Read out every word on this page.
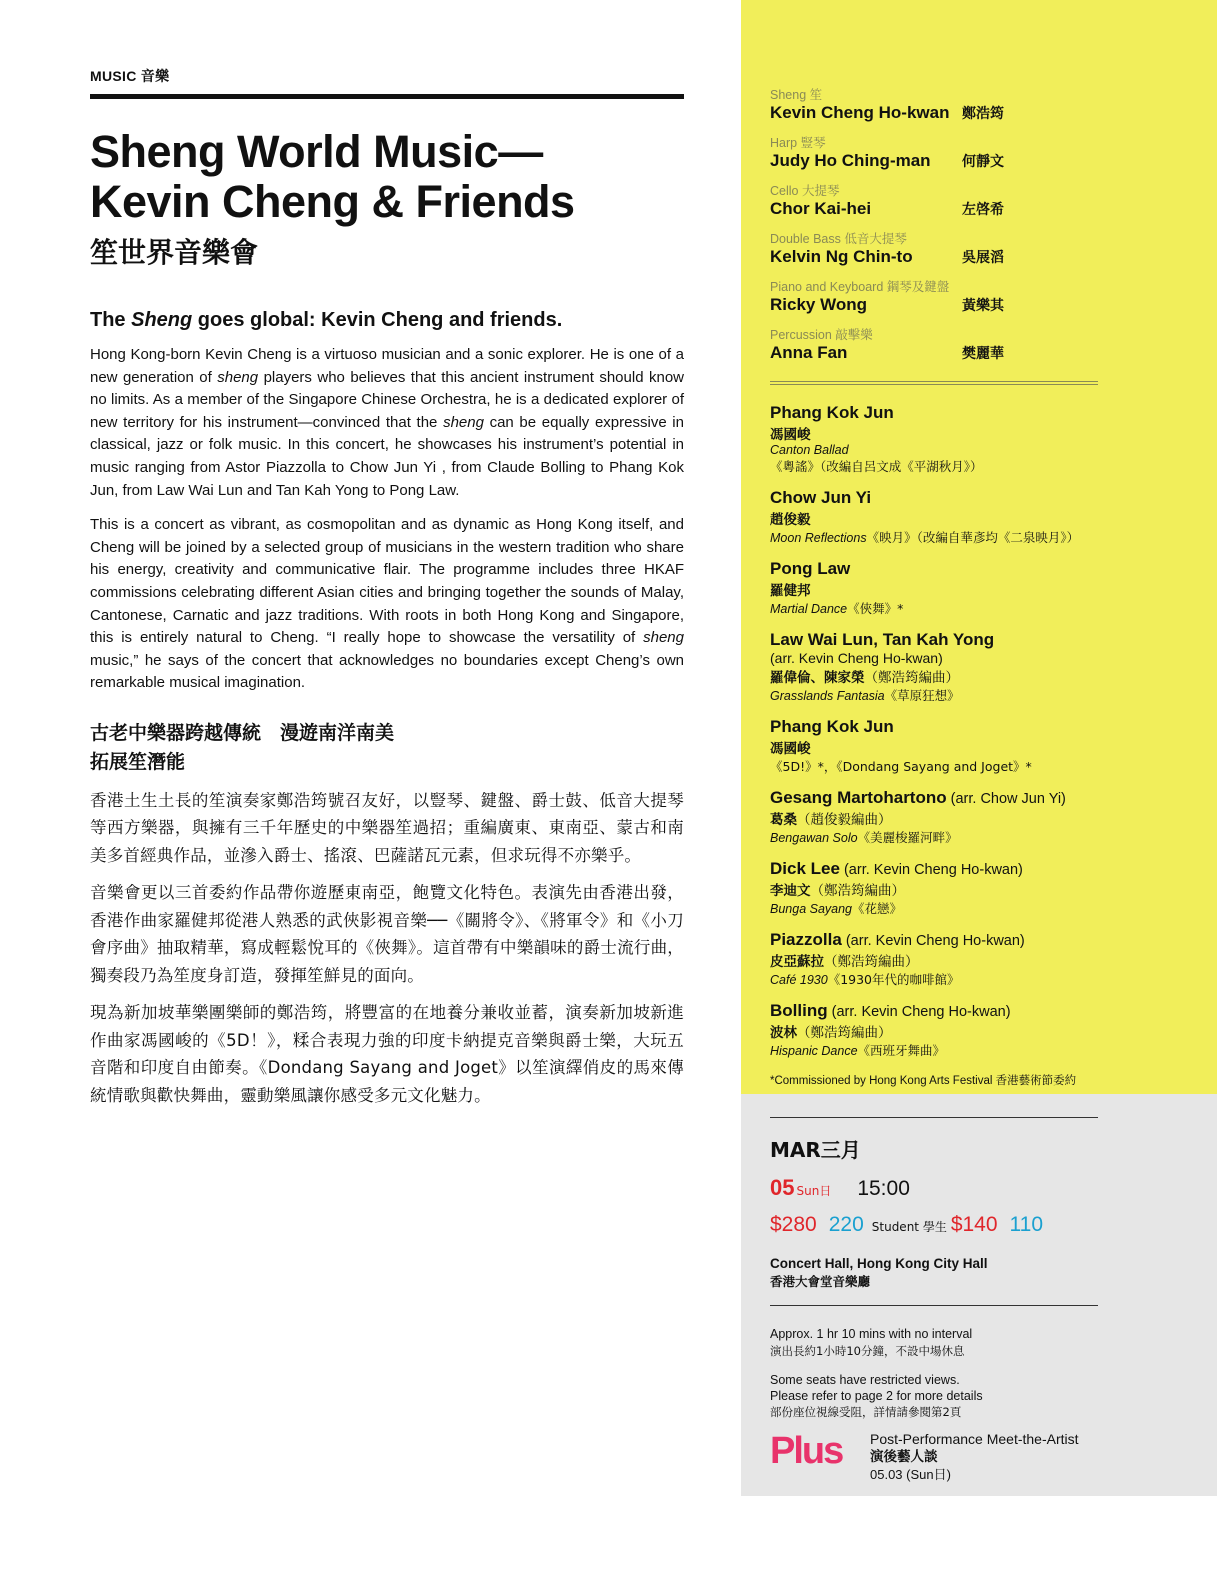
MUSIC 音樂
Sheng World Music—
Kevin Cheng & Friends
笙世界音樂會
The Sheng goes global: Kevin Cheng and friends.
Hong Kong-born Kevin Cheng is a virtuoso musician and a sonic explorer. He is one of a new generation of sheng players who believes that this ancient instrument should know no limits. As a member of the Singapore Chinese Orchestra, he is a dedicated explorer of new territory for his instrument—convinced that the sheng can be equally expressive in classical, jazz or folk music. In this concert, he showcases his instrument’s potential in music ranging from Astor Piazzolla to Chow Jun Yi , from Claude Bolling to Phang Kok Jun, from Law Wai Lun and Tan Kah Yong to Pong Law.
This is a concert as vibrant, as cosmopolitan and as dynamic as Hong Kong itself, and Cheng will be joined by a selected group of musicians in the western tradition who share his energy, creativity and communicative flair. The programme includes three HKAF commissions celebrating different Asian cities and bringing together the sounds of Malay, Cantonese, Carnatic and jazz traditions. With roots in both Hong Kong and Singapore, this is entirely natural to Cheng. “I really hope to showcase the versatility of sheng music,” he says of the concert that acknowledges no boundaries except Cheng’s own remarkable musical imagination.
古老中樂器跨越傳統　漫遊南洋南美
拓展笙潛能
香港土生土長的笙演奏家鄭浩筠號召友好，以豎琴、鍵盤、爵士鼓、低音大提琴等西方樂器，與擁有三千年歷史的中樂器笙過招；重編廣東、東南亞、蒙古和南美多首經典作品，並滲入爵士、搖滾、巴薩諾瓦元素，但求玩得不亦樂乎。
音樂會更以三首委約作品帶你遊歷東南亞，飽覽文化特色。表演先由香港出發，香港作曲家羅健邦從港人熟悉的武俠影視音樂──《關將令》、《將軍令》和《小刀會序曲》抽取精華，寫成輕鬆悅耳的《俠舞》。這首帶有中樂韻味的爵士流行曲，獨奏段乃為笙度身訂造，發揮笙鮮見的面向。
現為新加坡華樂團樂師的鄭浩筠，將豐富的在地養分兼收並蓄，演奏新加坡新進作曲家馮國峻的《5D！》，糅合表現力強的印度卡納提克音樂與爵士樂，大玩五音階和印度自由節奏。《Dondang Sayang and Joget》以笙演繹俏皮的馬來傳統情歌與歡快舞曲，靈動樂風讓你感受多元文化魅力。
Sheng 笙
Kevin Cheng Ho-kwan 鄭浩筠
Harp 豎琴
Judy Ho Ching-man	何靜文
Cello 大提琴
Chor Kai-hei	左啓希
Double Bass 低音大提琴
Kelvin Ng Chin-to	吳展滔
Piano and Keyboard 鋼琴及鍵盤
Ricky Wong	黃樂其
Percussion 敲擊樂
Anna Fan	樊麗華
Phang Kok Jun
馮國峻
Canton Ballad
《粵謠》（改編自呂文成《平湖秋月》）
Chow Jun Yi
趙俊毅
Moon Reflections《映月》（改編自華彥均《二泉映月》）
Pong Law
羅健邦
Martial Dance《俠舞》*
Law Wai Lun, Tan Kah Yong
(arr. Kevin Cheng Ho-kwan)
羅偉倫、陳家榮（鄭浩筠編曲）
Grasslands Fantasia《草原狂想》
Phang Kok Jun
馮國峻
《5D!》*，《Dondang Sayang and Joget》*
Gesang Martohartono (arr. Chow Jun Yi)
葛桑（趙俊毅編曲）
Bengawan Solo《美麗梭羅河畔》
Dick Lee (arr. Kevin Cheng Ho-kwan)
李迪文（鄭浩筠編曲）
Bunga Sayang《花戀》
Piazzolla (arr. Kevin Cheng Ho-kwan)
皮亞蘇拉（鄭浩筠編曲）
Café 1930《1930年代的咖啡館》
Bolling (arr. Kevin Cheng Ho-kwan)
波林（鄭浩筠編曲）
Hispanic Dance《西班牙舞曲》
*Commissioned by Hong Kong Arts Festival 香港藝術節委約
MAR三月
05 Sun日 15:00
$280 220 Student 學生 $140 110
Concert Hall, Hong Kong City Hall
香港大會堂音樂廳
Approx. 1 hr 10 mins with no interval
演出長約1小時10分鐘，不設中場休息
Some seats have restricted views.
Please refer to page 2 for more details
部份座位視線受阻，詳情請參閱第2頁
Plus Post-Performance Meet-the-Artist
演後藝人談
05.03 (Sun日)
